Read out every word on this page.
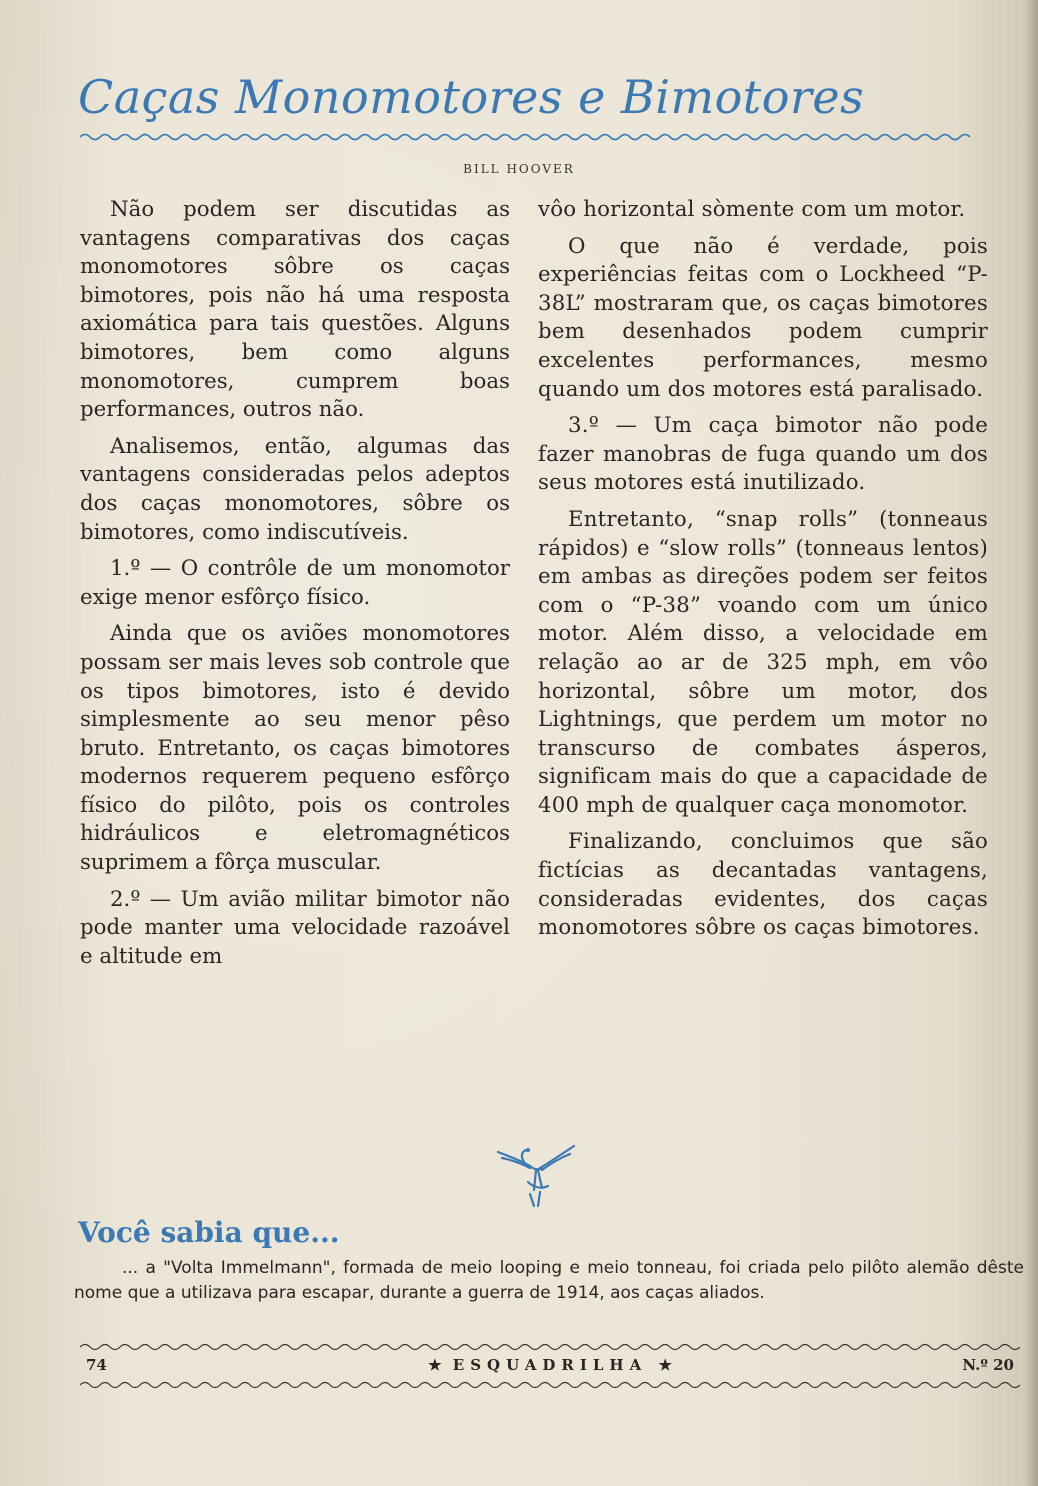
Caças Monomotores e Bimotores
BILL HOOVER

Não podem ser discutidas as vantagens comparativas dos caças monomotores sôbre os caças bimotores, pois não há uma resposta axiomática para tais questões. Alguns bimotores, bem como alguns monomotores, cumprem boas performances, outros não.

Analisemos, então, algumas das vantagens consideradas pelos adeptos dos caças monomotores, sôbre os bimotores, como indiscutíveis.

1.º — O contrôle de um monomotor exige menor esfôrço físico.

Ainda que os aviões monomotores possam ser mais leves sob controle que os tipos bimotores, isto é devido simplesmente ao seu menor pêso bruto. Entretanto, os caças bimotores modernos requerem pequeno esfôrço físico do pilôto, pois os controles hidráulicos e eletromagnéticos suprimem a fôrça muscular.

2.º — Um avião militar bimotor não pode manter uma velocidade razoável e altitude em

vôo horizontal sòmente com um motor.

O que não é verdade, pois experiências feitas com o Lockheed “P-38L” mostraram que, os caças bimotores bem desenhados podem cumprir excelentes performances, mesmo quando um dos motores está paralisado.

3.º — Um caça bimotor não pode fazer manobras de fuga quando um dos seus motores está inutilizado.

Entretanto, “snap rolls” (tonneaus rápidos) e “slow rolls” (tonneaus lentos) em ambas as direções podem ser feitos com o “P-38” voando com um único motor. Além disso, a velocidade em relação ao ar de 325 mph, em vôo horizontal, sôbre um motor, dos Lightnings, que perdem um motor no transcurso de combates ásperos, significam mais do que a capacidade de 400 mph de qualquer caça monomotor.

Finalizando, concluimos que são fictícias as decantadas vantagens, consideradas evidentes, dos caças monomotores sôbre os caças bimotores.

Você sabia que...
... a "Volta Immelmann", formada de meio looping e meio tonneau, foi criada pelo pilôto alemão dêste nome que a utilizava para escapar, durante a guerra de 1914, aos caças aliados.
74	★ ESQUADRILHA ★	N.º 20
